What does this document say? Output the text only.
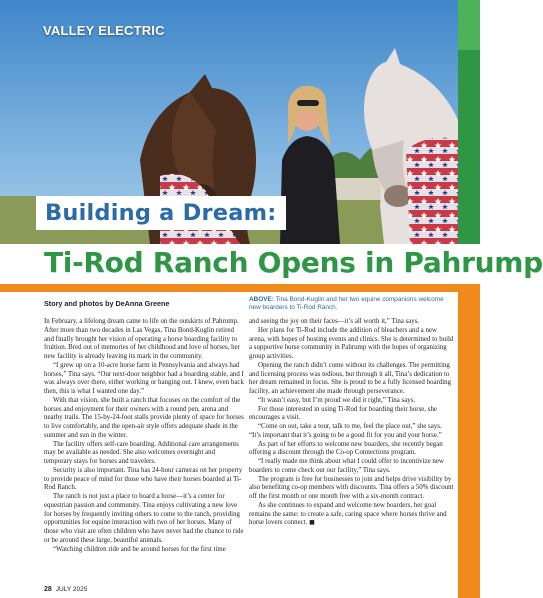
VALLEY ELECTRIC
Building a Dream:
Ti-Rod Ranch Opens in Pahrump
Story and photos by DeAnna Greene	ABOVE: Tina Bond-Kuglin and her two equine companions welcome new boarders to Ti-Rod Ranch.

In February, a lifelong dream came to life on the outskirts of Pahrump. After more than two decades in Las Vegas, Tina Bond-Kuglin retired and finally brought her vision of operating a horse boarding facility to fruition. Bred out of memories of her childhood and love of horses, her new facility is already leaving its mark in the community.

“I grew up on a 10-acre horse farm in Pennsylvania and always had horses,” Tina says. “Our next-door neighbor had a boarding stable, and I was always over there, either working or hanging out. I knew, even back then, this is what I wanted one day.”

With that vision, she built a ranch that focuses on the comfort of the horses and enjoyment for their owners with a round pen, arena and nearby trails. The 15-by-24-foot stalls provide plenty of space for horses to live comfortably, and the open-air style offers adequate shade in the summer and sun in the winter.

The facility offers self-care boarding. Additional care arrangements may be available as needed. She also welcomes overnight and temporary stays for horses and travelers.

Security is also important. Tina has 24-hour cameras on her property to provide peace of mind for those who have their horses boarded at Ti-Rod Ranch.

The ranch is not just a place to board a horse—it’s a center for equestrian passion and community. Tina enjoys cultivating a new love for horses by frequently inviting others to come to the ranch, providing opportunities for equine interaction with two of her horses. Many of those who visit are often children who have never had the chance to ride or be around these large, beautiful animals.

“Watching children ride and be around horses for the first time

and seeing the joy on their faces—it’s all worth it,” Tina says.

Her plans for Ti-Rod include the addition of bleachers and a new arena, with hopes of hosting events and clinics. She is determined to build a supportive horse community in Pahrump with the hopes of organizing group activities.

Opening the ranch didn’t come without its challenges. The permitting and licensing process was tedious, but through it all, Tina’s dedication to her dream remained in focus. She is proud to be a fully licensed boarding facility, an achievement she made through perseverance.

“It wasn’t easy, but I’m proud we did it right,” Tina says.

For those interested in using Ti-Rod for boarding their horse, she encourages a visit.

“Come on out, take a tour, talk to me, feel the place out,” she says. “It’s important that it’s going to be a good fit for you and your horse.”

As part of her efforts to welcome new boarders, she recently began offering a discount through the Co-op Connections program.

“I really made me think about what I could offer to incentivize new boarders to come check out our facility,” Tina says.

The program is free for businesses to join and helps drive visibility by also benefiting co-op members with discounts. Tina offers a 50% discount off the first month or one month free with a six-month contract.

As she continues to expand and welcome new boarders, her goal remains the same: to create a safe, caring space where horses thrive and horse lovers connect. ■

28 JULY 2025
